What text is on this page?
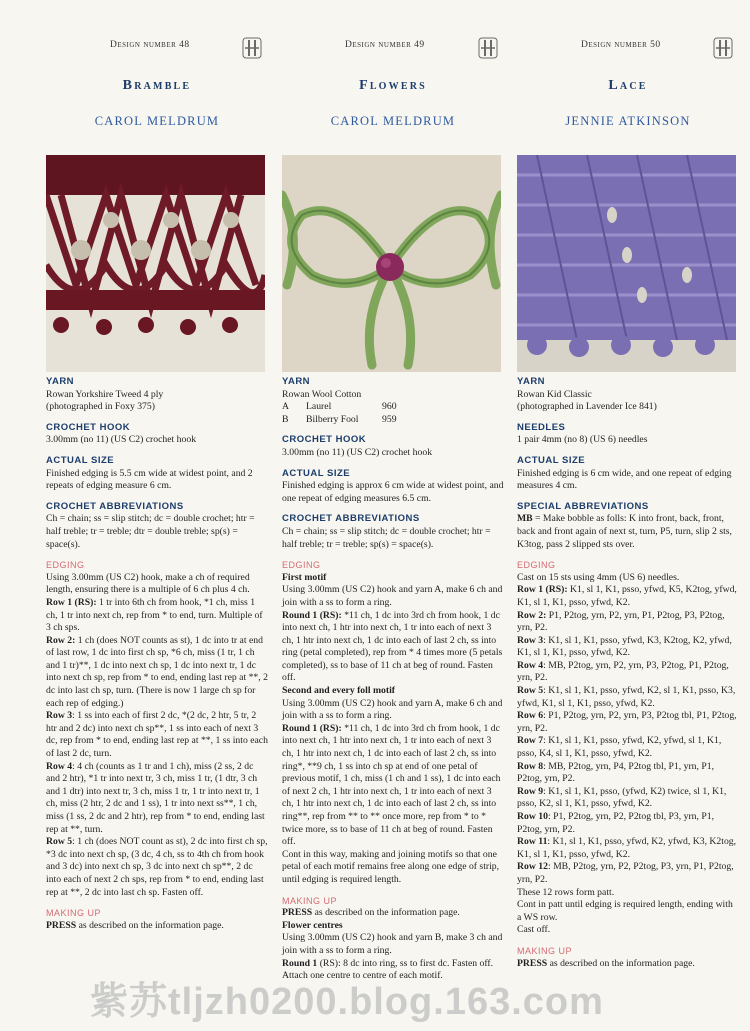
Design number 48
Bramble
CAROL MELDRUM

YARN

Rowan Yorkshire Tweed 4 ply

(photographed in Foxy 375)

CROCHET HOOK

3.00mm (no 11) (US C2) crochet hook

ACTUAL SIZE

Finished edging is 5.5 cm wide at widest point, and 2 repeats of edging measure 6 cm.

CROCHET ABBREVIATIONS

Ch = chain; ss = slip stitch; dc = double crochet; htr = half treble; tr = treble; dtr = double treble; sp(s) = space(s).

EDGING

Using 3.00mm (US C2) hook, make a ch of required length, ensuring there is a multiple of 6 ch plus 4 ch.

Row 1 (RS): 1 tr into 6th ch from hook, *1 ch, miss 1 ch, 1 tr into next ch, rep from * to end, turn. Multiple of 3 ch sps.

Row 2: 1 ch (does NOT counts as st), 1 dc into tr at end of last row, 1 dc into first ch sp, *6 ch, miss (1 tr, 1 ch and 1 tr)**, 1 dc into next ch sp, 1 dc into next tr, 1 dc into next ch sp, rep from * to end, ending last rep at **, 2 dc into last ch sp, turn. (There is now 1 large ch sp for each rep of edging.)

Row 3: 1 ss into each of first 2 dc, *(2 dc, 2 htr, 5 tr, 2 htr and 2 dc) into next ch sp**, 1 ss into each of next 3 dc, rep from * to end, ending last rep at **, 1 ss into each of last 2 dc, turn.

Row 4: 4 ch (counts as 1 tr and 1 ch), miss (2 ss, 2 dc and 2 htr), *1 tr into next tr, 3 ch, miss 1 tr, (1 dtr, 3 ch and 1 dtr) into next tr, 3 ch, miss 1 tr, 1 tr into next tr, 1 ch, miss (2 htr, 2 dc and 1 ss), 1 tr into next ss**, 1 ch, miss (1 ss, 2 dc and 2 htr), rep from * to end, ending last rep at **, turn.

Row 5: 1 ch (does NOT count as st), 2 dc into first ch sp, *3 dc into next ch sp, (3 dc, 4 ch, ss to 4th ch from hook and 3 dc) into next ch sp, 3 dc into next ch sp**, 2 dc into each of next 2 ch sps, rep from * to end, ending last rep at **, 2 dc into last ch sp. Fasten off.

MAKING UP

PRESS as described on the information page.

Design number 49
Flowers
CAROL MELDRUM

YARN

Rowan Wool Cotton

A	Laurel	960
B	Bilberry Fool	959

CROCHET HOOK

3.00mm (no 11) (US C2) crochet hook

ACTUAL SIZE

Finished edging is approx 6 cm wide at widest point, and one repeat of edging measures 6.5 cm.

CROCHET ABBREVIATIONS

Ch = chain; ss = slip stitch; dc = double crochet; htr = half treble; tr = treble; sp(s) = space(s).

EDGING

First motif

Using 3.00mm (US C2) hook and yarn A, make 6 ch and join with a ss to form a ring.

Round 1 (RS): *11 ch, 1 dc into 3rd ch from hook, 1 dc into next ch, 1 htr into next ch, 1 tr into each of next 3 ch, 1 htr into next ch, 1 dc into each of last 2 ch, ss into ring (petal completed), rep from * 4 times more (5 petals completed), ss to base of 11 ch at beg of round. Fasten off.

Second and every foll motif

Using 3.00mm (US C2) hook and yarn A, make 6 ch and join with a ss to form a ring.

Round 1 (RS): *11 ch, 1 dc into 3rd ch from hook, 1 dc into next ch, 1 htr into next ch, 1 tr into each of next 3 ch, 1 htr into next ch, 1 dc into each of last 2 ch, ss into ring*, **9 ch, 1 ss into ch sp at end of one petal of previous motif, 1 ch, miss (1 ch and 1 ss), 1 dc into each of next 2 ch, 1 htr into next ch, 1 tr into each of next 3 ch, 1 htr into next ch, 1 dc into each of last 2 ch, ss into ring**, rep from ** to ** once more, rep from * to * twice more, ss to base of 11 ch at beg of round. Fasten off.

Cont in this way, making and joining motifs so that one petal of each motif remains free along one edge of strip, until edging is required length.

MAKING UP

PRESS as described on the information page.

Flower centres

Using 3.00mm (US C2) hook and yarn B, make 3 ch and join with a ss to form a ring.

Round 1 (RS): 8 dc into ring, ss to first dc. Fasten off.

Attach one centre to centre of each motif.

Design number 50
Lace
JENNIE ATKINSON

YARN

Rowan Kid Classic

(photographed in Lavender Ice 841)

NEEDLES

1 pair 4mm (no 8) (US 6) needles

ACTUAL SIZE

Finished edging is 6 cm wide, and one repeat of edging measures 4 cm.

SPECIAL ABBREVIATIONS

MB = Make bobble as folls: K into front, back, front, back and front again of next st, turn, P5, turn, slip 2 sts, K3tog, pass 2 slipped sts over.

EDGING

Cast on 15 sts using 4mm (US 6) needles.

Row 1 (RS): K1, sl 1, K1, psso, yfwd, K5, K2tog, yfwd, K1, sl 1, K1, psso, yfwd, K2.

Row 2: P1, P2tog, yrn, P2, yrn, P1, P2tog, P3, P2tog, yrn, P2.

Row 3: K1, sl 1, K1, psso, yfwd, K3, K2tog, K2, yfwd, K1, sl 1, K1, psso, yfwd, K2.

Row 4: MB, P2tog, yrn, P2, yrn, P3, P2tog, P1, P2tog, yrn, P2.

Row 5: K1, sl 1, K1, psso, yfwd, K2, sl 1, K1, psso, K3, yfwd, K1, sl 1, K1, psso, yfwd, K2.

Row 6: P1, P2tog, yrn, P2, yrn, P3, P2tog tbl, P1, P2tog, yrn, P2.

Row 7: K1, sl 1, K1, psso, yfwd, K2, yfwd, sl 1, K1, psso, K4, sl 1, K1, psso, yfwd, K2.

Row 8: MB, P2tog, yrn, P4, P2tog tbl, P1, yrn, P1, P2tog, yrn, P2.

Row 9: K1, sl 1, K1, psso, (yfwd, K2) twice, sl 1, K1, psso, K2, sl 1, K1, psso, yfwd, K2.

Row 10: P1, P2tog, yrn, P2, P2tog tbl, P3, yrn, P1, P2tog, yrn, P2.

Row 11: K1, sl 1, K1, psso, yfwd, K2, yfwd, K3, K2tog, K1, sl 1, K1, psso, yfwd, K2.

Row 12: MB, P2tog, yrn, P2, P2tog, P3, yrn, P1, P2tog, yrn, P2.

These 12 rows form patt.

Cont in patt until edging is required length, ending with a WS row.

Cast off.

MAKING UP

PRESS as described on the information page.

紫苏tljzh0200.blog.163.com
